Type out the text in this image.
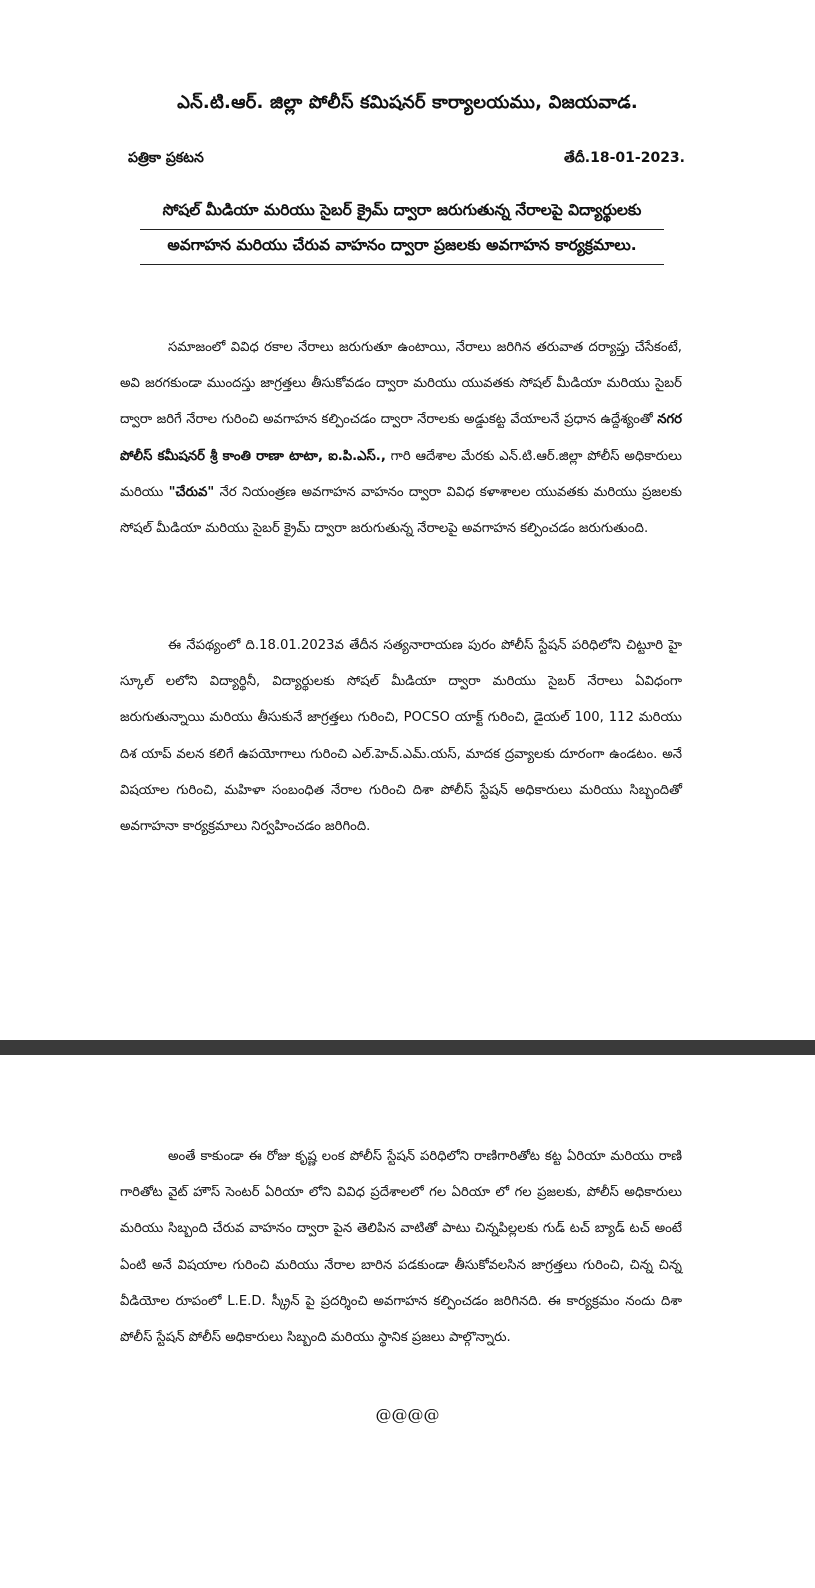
ఎన్.టి.ఆర్. జిల్లా పోలీస్ కమిషనర్ కార్యాలయము, విజయవాడ.
పత్రికా ప్రకటన	తేదీ.18-01-2023.
సోషల్ మీడియా మరియు సైబర్ క్రైమ్ ద్వారా జరుగుతున్న నేరాలపై విద్యార్థులకు
అవగాహన మరియు చేరువ వాహనం ద్వారా ప్రజలకు అవగాహన కార్యక్రమాలు.

సమాజంలో వివిధ రకాల నేరాలు జరుగుతూ ఉంటాయి, నేరాలు జరిగిన తరువాత దర్యాప్తు చేసేకంటే, అవి జరగకుండా ముందస్తు జాగ్రత్తలు తీసుకోవడం ద్వారా మరియు యువతకు సోషల్ మీడియా మరియు సైబర్ ద్వారా జరిగే నేరాల గురించి అవగాహన కల్పించడం ద్వారా నేరాలకు అడ్డుకట్ట వేయాలనే ప్రధాన ఉద్దేశ్యంతో నగర పోలీస్ కమీషనర్ శ్రీ కాంతి రాణా టాటా, ఐ.పి.ఎస్., గారి ఆదేశాల మేరకు ఎన్.టి.ఆర్.జిల్లా పోలీస్ అధికారులు మరియు "చేరువ" నేర నియంత్రణ అవగాహన వాహనం ద్వారా వివిధ కళాశాలల యువతకు మరియు ప్రజలకు సోషల్ మీడియా మరియు సైబర్ క్రైమ్ ద్వారా జరుగుతున్న నేరాలపై అవగాహన కల్పించడం జరుగుతుంది.

ఈ నేపథ్యంలో ది.18.01.2023వ తేదీన సత్యనారాయణ పురం పోలీస్ స్టేషన్ పరిధిలోని చిట్టూరి హై స్కూల్ లలోని విద్యార్థినీ, విద్యార్థులకు సోషల్ మీడియా ద్వారా మరియు సైబర్ నేరాలు ఏవిధంగా జరుగుతున్నాయి మరియు తీసుకునే జాగ్రత్తలు గురించి, POCSO యాక్ట్ గురించి, డైయల్ 100, 112 మరియు దిశ యాప్ వలన కలిగే ఉపయోగాలు గురించి ఎల్.హెచ్.ఎమ్.యస్, మాదక ద్రవ్యాలకు దూరంగా ఉండటం. అనే విషయాల గురించి, మహిళా సంబంధిత నేరాల గురించి దిశా పోలీస్ స్టేషన్ అధికారులు మరియు సిబ్బందితో అవగాహనా కార్యక్రమాలు నిర్వహించడం జరిగింది.

అంతే కాకుండా ఈ రోజు కృష్ణ లంక పోలీస్ స్టేషన్ పరిధిలోని రాణిగారితోట కట్ట ఏరియా మరియు రాణి గారితోట వైట్ హౌస్ సెంటర్ ఏరియా లోని వివిధ ప్రదేశాలలో గల ఏరియా లో గల ప్రజలకు, పోలీస్ అధికారులు మరియు సిబ్బంది చేరువ వాహనం ద్వారా పైన తెలిపిన వాటితో పాటు చిన్నపిల్లలకు గుడ్ టచ్ బ్యాడ్ టచ్ అంటే ఏంటి అనే విషయాల గురించి మరియు నేరాల బారిన పడకుండా తీసుకోవలసిన జాగ్రత్తలు గురించి, చిన్న చిన్న వీడియోల రూపంలో L.E.D. స్క్రీన్ పై ప్రదర్శించి అవగాహన కల్పించడం జరిగినది. ఈ కార్యక్రమం నందు దిశా పోలీస్ స్టేషన్ పోలీస్ అధికారులు సిబ్బంది మరియు స్థానిక ప్రజలు పాల్గొన్నారు.

@@@@
